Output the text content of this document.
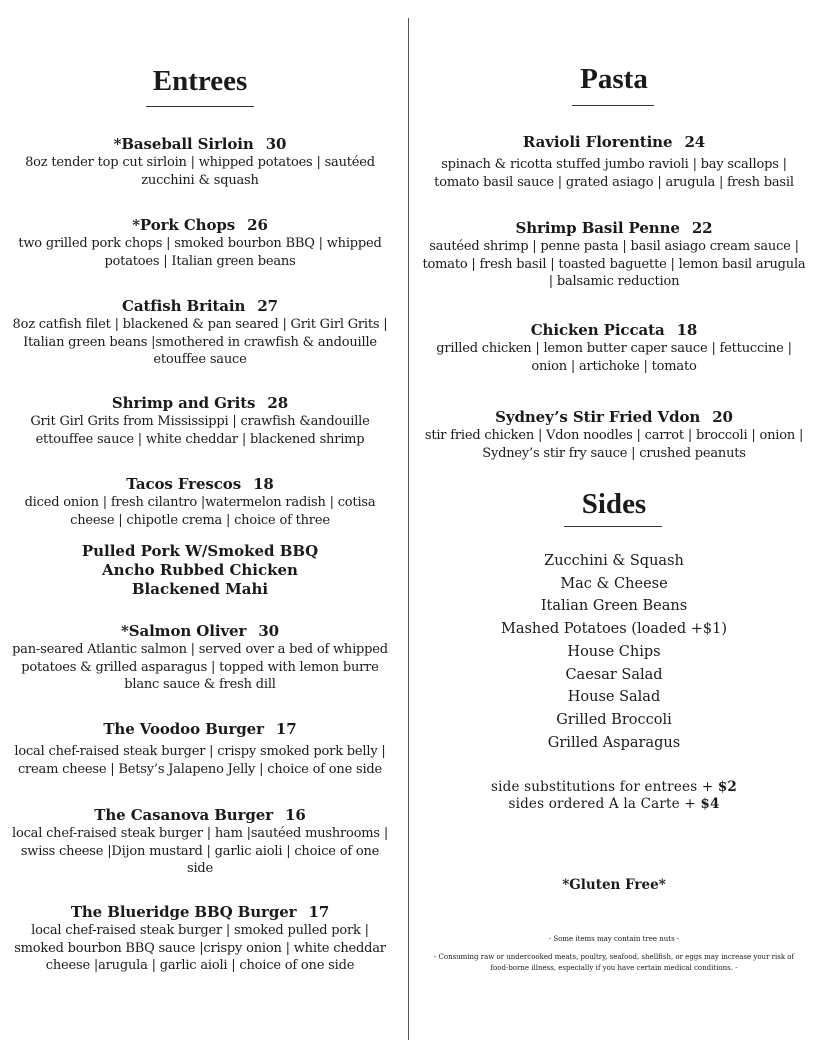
Entrees
*Baseball Sirloin 30
8oz tender top cut sirloin | whipped potatoes | sautéed zucchini & squash
*Pork Chops 26
two grilled pork chops | smoked bourbon BBQ | whipped potatoes | Italian green beans
Catfish Britain 27
8oz catfish filet | blackened & pan seared | Grit Girl Grits | Italian green beans |smothered in crawfish & andouille etouffee sauce
Shrimp and Grits 28
Grit Girl Grits from Mississippi | crawfish &andouille ettouffee sauce | white cheddar | blackened shrimp
Tacos Frescos 18
diced onion | fresh cilantro |watermelon radish | cotisa cheese | chipotle crema | choice of three
Pulled Pork W/Smoked BBQ
Ancho Rubbed Chicken
Blackened Mahi
*Salmon Oliver 30
pan-seared Atlantic salmon | served over a bed of whipped potatoes & grilled asparagus | topped with lemon burre blanc sauce & fresh dill
The Voodoo Burger 17
local chef-raised steak burger | crispy smoked pork belly | cream cheese | Betsy’s Jalapeno Jelly | choice of one side
The Casanova Burger 16
local chef-raised steak burger | ham |sautéed mushrooms | swiss cheese |Dijon mustard | garlic aioli | choice of one side
The Blueridge BBQ Burger 17
local chef-raised steak burger | smoked pulled pork | smoked bourbon BBQ sauce |crispy onion | white cheddar cheese |arugula | garlic aioli | choice of one side
Pasta
Ravioli Florentine 24
spinach & ricotta stuffed jumbo ravioli | bay scallops | tomato basil sauce | grated asiago | arugula | fresh basil
Shrimp Basil Penne 22
sautéed shrimp | penne pasta | basil asiago cream sauce | tomato | fresh basil | toasted baguette | lemon basil arugula | balsamic reduction
Chicken Piccata 18
grilled chicken | lemon butter caper sauce | fettuccine | onion | artichoke | tomato
Sydney’s Stir Fried Vdon 20
stir fried chicken | Vdon noodles | carrot | broccoli | onion | Sydney’s stir fry sauce | crushed peanuts
Sides
Zucchini & Squash
Mac & Cheese
Italian Green Beans
Mashed Potatoes (loaded +$1)
House Chips
Caesar Salad
House Salad
Grilled Broccoli
Grilled Asparagus
side substitutions for entrees + $2
sides ordered A la Carte + $4
*Gluten Free*
- Some items may contain tree nuts -
- Consuming raw or undercooked meats, poultry, seafood, shellfish, or eggs may increase your risk of food-borne illness, especially if you have certain medical conditions. -
